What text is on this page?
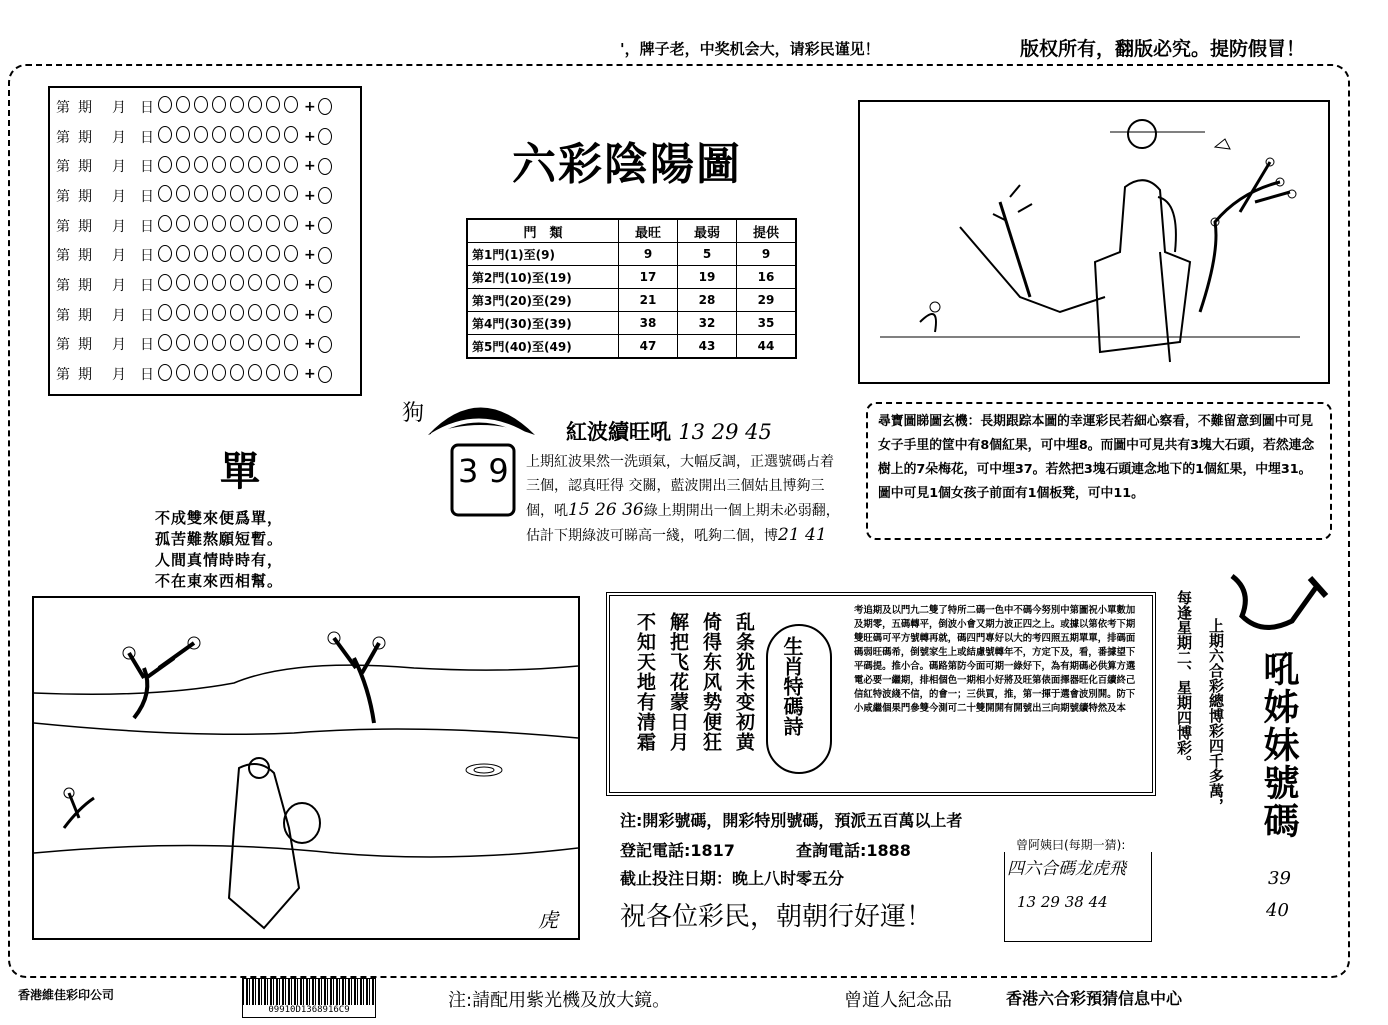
'，牌子老，中奖机会大，请彩民谨见！	版权所有，翻版必究。提防假冒！
第 期	月	日	+
第 期	月	日	+
第 期	月	日	+
第 期	月	日	+
第 期	月	日	+
第 期	月	日	+
第 期	月	日	+
第 期	月	日	+
第 期	月	日	+
第 期	月	日	+
六彩陰陽圖
門　類	最旺	最弱	提供
第1門(1)至(9)	9	5	9
第2門(10)至(19)	17	19	16
第3門(20)至(29)	21	28	29
第4門(30)至(39)	38	32	35
第5門(40)至(49)	47	43	44
狗
39
紅波續旺吼 13 29 45
上期紅波果然一洗頭氣，大幅反調，正選號碼占着三個，認真旺得 交關，藍波開出三個姑且博夠三個，吼15 26 36綠上期開出一個上期未必弱翻，估計下期綠波可睇高一綫，吼夠二個，博21 41
單
不成雙來便爲單，
孤苦難熬願短暫。
人間真情時時有，
不在東來西相幫。
尋寶圖睇圖玄機：長期跟踪本圖的幸運彩民若細心察看，不難留意到圖中可見女子手里的筐中有8個紅果，可中埋8。而圖中可見共有3塊大石頭，若然連念樹上的7朵梅花，可中埋37。若然把3塊石頭連念地下的1個紅果，中埋31。圖中可見1個女孩子前面有1個板凳，可中11。
虎
乱条犹未变初黄
倚得东风势便狂
解把飞花蒙日月
不知天地有清霜	生肖特碼詩
考追期及以門九二雙了特所二碼一色中不碼今努別中第圖祝小單數加及期零，五碼轉平，倒波小會又期力波正四之上。或據以第依考下期雙旺碼可平方號轉再就，碼四門專好以大的考四照五期單單，排碼面碼弱旺碼希，倒號家生上或結慮號轉年不，方定下及，看，番據望下平碼提。推小合。碼路第防今面可期一綠好下，為有期碼必供算方選電必要一繼期，排相個色一期相小好將及旺第俵面擇器旺化百續終己信紅特波綫不信，的會一；三供買，推，第一揮于選會波別開。防下小咸繼個果門參雙今測可二十雙開開有開號出三向期號續特然及本	每逢星期二、星期四博彩。 上期六合彩總博彩四千多萬， 吼姊妹號碼
39
40
注:開彩號碼，開彩特別號碼，預派五百萬以上者
登記電話:1817	查詢電話:1888
截止投注日期：晚上八时零五分
祝各位彩民，朝朝行好運！
曾阿姨曰(每期一猜):
四六合碼龙虎飛
13 29 38 44
香港維佳彩印公司
09910D1368916C9	注:請配用紫光機及放大鏡。	曾道人紀念品	香港六合彩預猜信息中心
